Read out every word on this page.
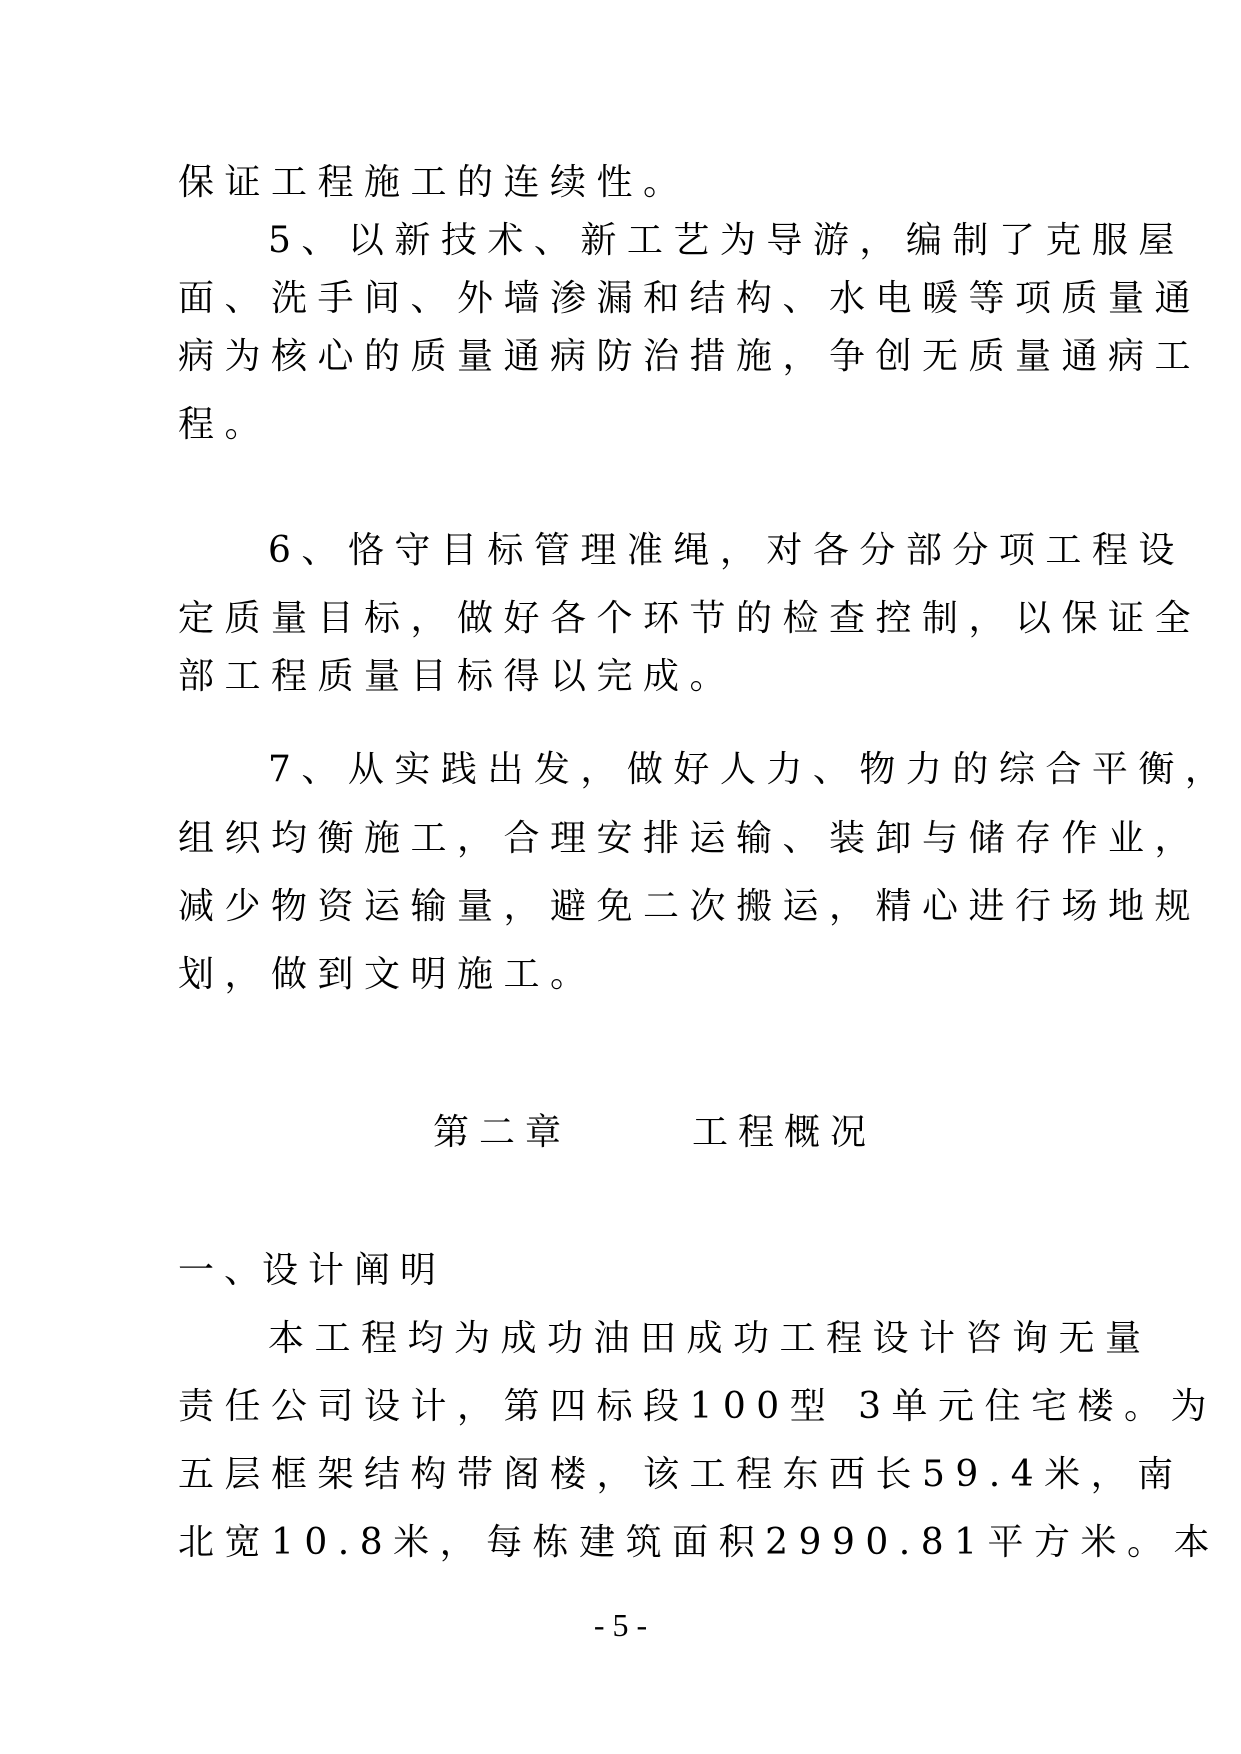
保证工程施工的连续性。
5、以新技术、新工艺为导游，编制了克服屋
面、洗手间、外墙渗漏和结构、水电暖等项质量通
病为核心的质量通病防治措施，争创无质量通病工
程。
6、恪守目标管理准绳，对各分部分项工程设
定质量目标，做好各个环节的检查控制，以保证全
部工程质量目标得以完成。
7、从实践出发，做好人力、物力的综合平衡，
组织均衡施工，合理安排运输、装卸与储存作业，
减少物资运输量，避免二次搬运，精心进行场地规
划，做到文明施工。
第二章	工程概况
一、
设计阐明
本工程均为成功油田成功工程设计咨询无量
责任公司设计，第四标段100型 3单元住宅楼。为
五层框架结构带阁楼，该工程东西长59.4米，南
北宽10.8米，每栋建筑面积2990.81平方米。本
- 5 -
